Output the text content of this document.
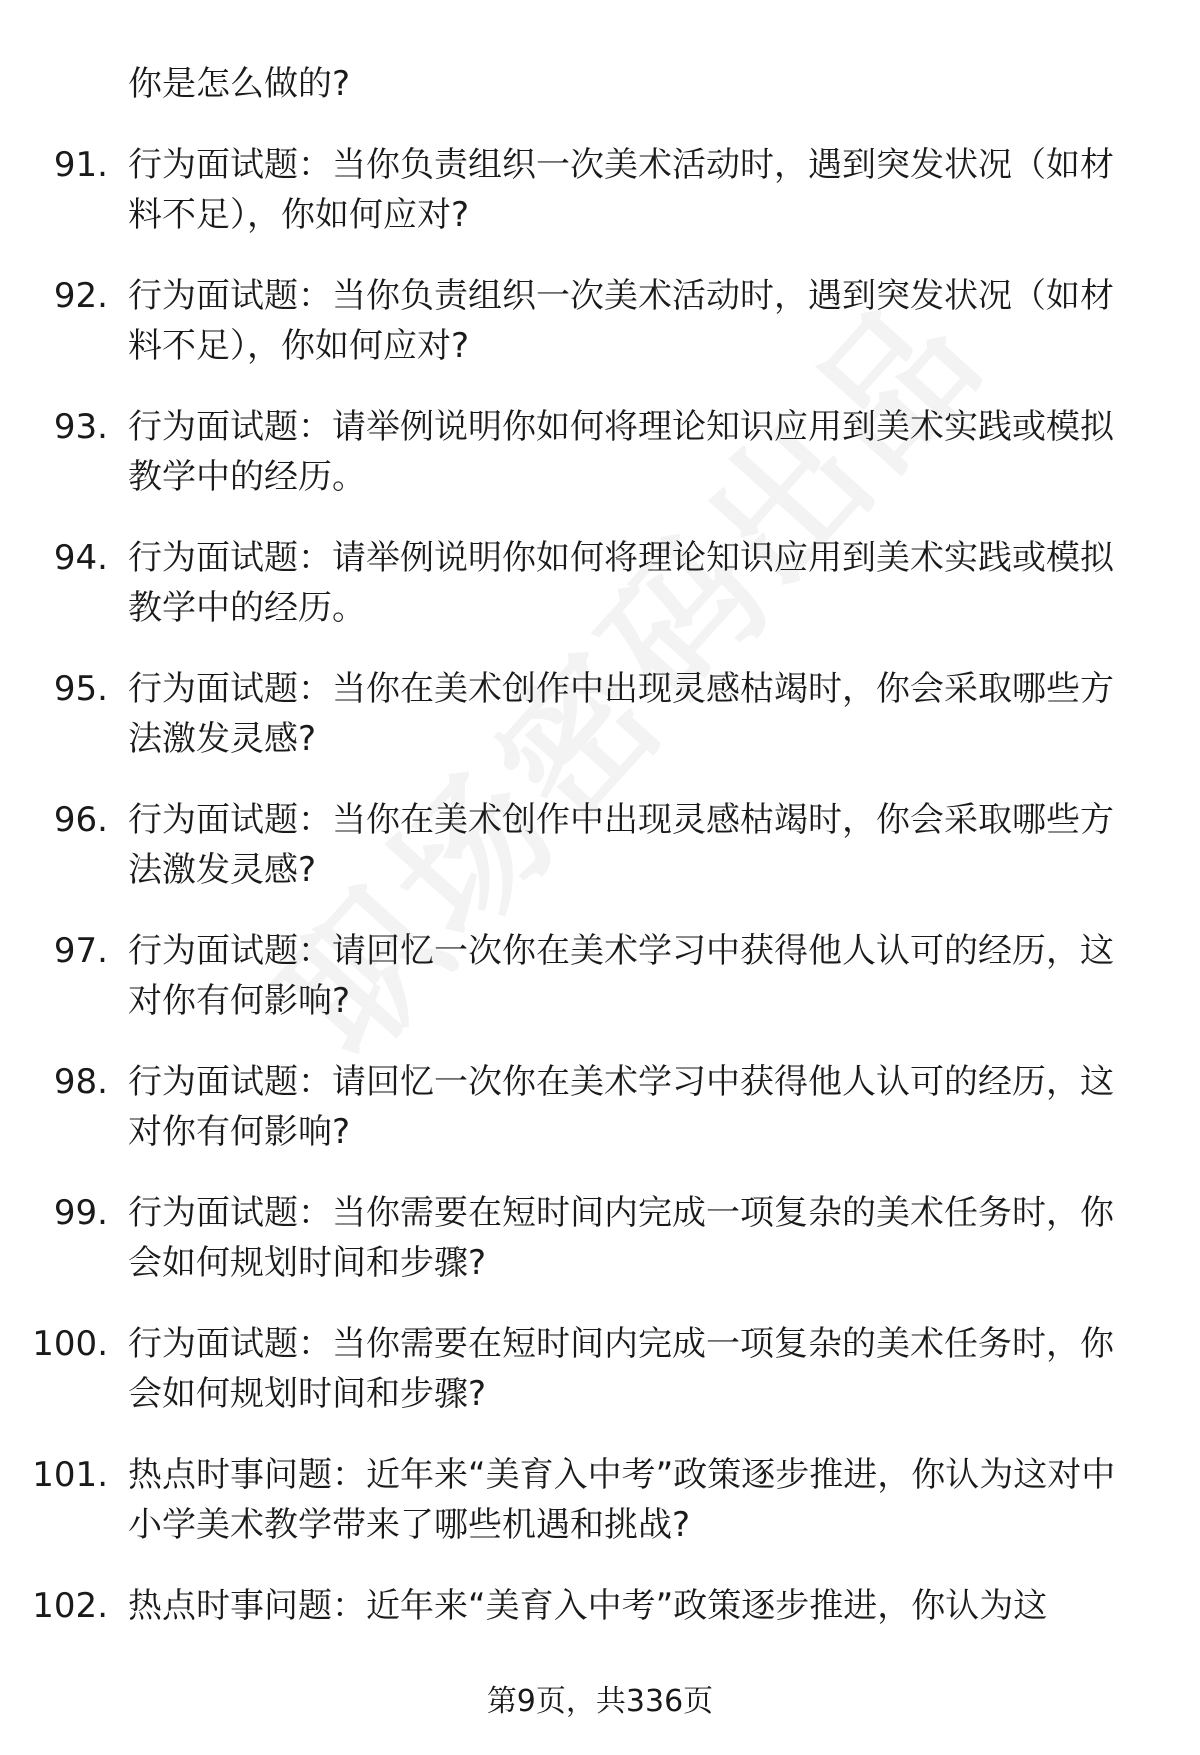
你是怎么做的?

91. 行为面试题：当你负责组织一次美术活动时，遇到突发状况（如材料不足），你如何应对?
92. 行为面试题：当你负责组织一次美术活动时，遇到突发状况（如材料不足），你如何应对?
93. 行为面试题：请举例说明你如何将理论知识应用到美术实践或模拟教学中的经历。
94. 行为面试题：请举例说明你如何将理论知识应用到美术实践或模拟教学中的经历。
95. 行为面试题：当你在美术创作中出现灵感枯竭时，你会采取哪些方法激发灵感?
96. 行为面试题：当你在美术创作中出现灵感枯竭时，你会采取哪些方法激发灵感?
97. 行为面试题：请回忆一次你在美术学习中获得他人认可的经历，这对你有何影响?
98. 行为面试题：请回忆一次你在美术学习中获得他人认可的经历，这对你有何影响?
99. 行为面试题：当你需要在短时间内完成一项复杂的美术任务时，你会如何规划时间和步骤?
100. 行为面试题：当你需要在短时间内完成一项复杂的美术任务时，你会如何规划时间和步骤?
101. 热点时事问题：近年来“美育入中考”政策逐步推进，你认为这对中小学美术教学带来了哪些机遇和挑战?
102. 热点时事问题：近年来“美育入中考”政策逐步推进，你认为这
第9页，共336页
